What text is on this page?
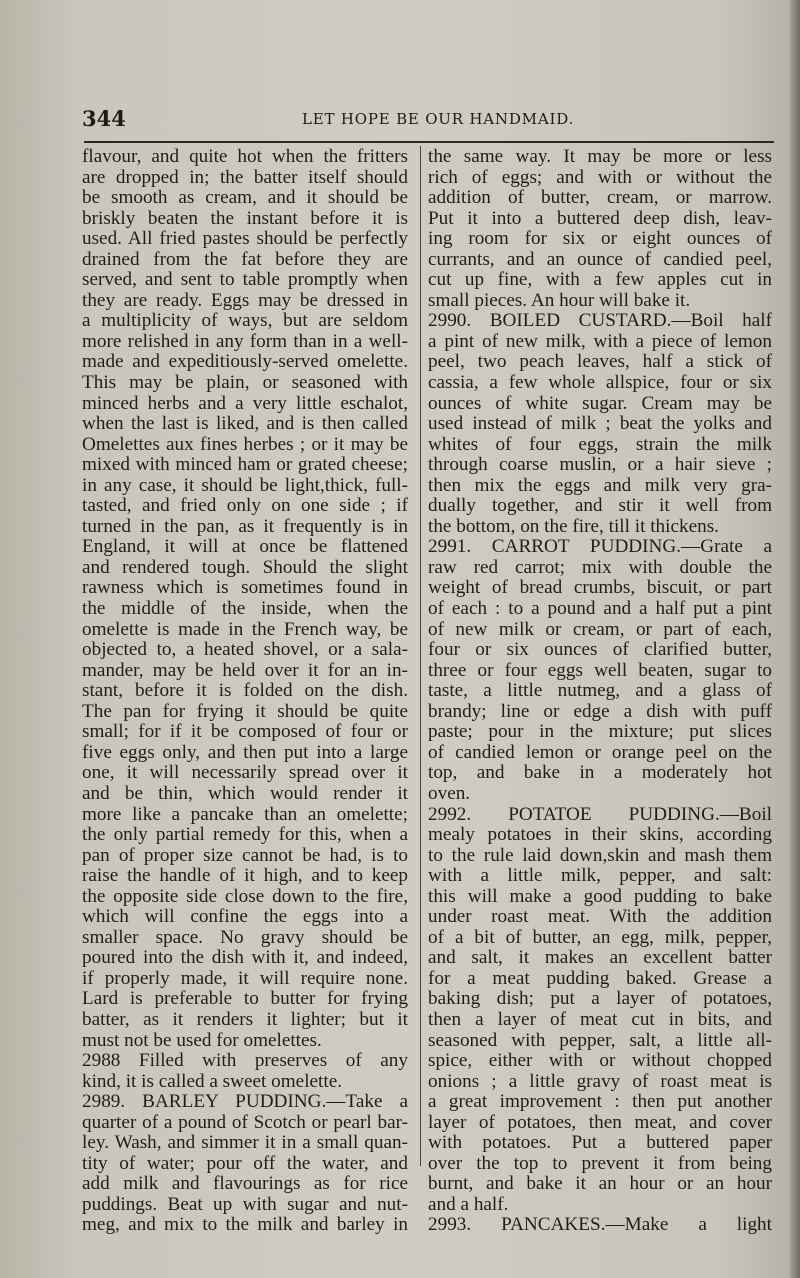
344	LET HOPE BE OUR HANDMAID.
flavour, and quite hot when the fritters
are dropped in; the batter itself should
be smooth as cream, and it should be
briskly beaten the instant before it is
used. All fried pastes should be perfectly
drained from the fat before they are
served, and sent to table promptly when
they are ready. Eggs may be dressed in
a multiplicity of ways, but are seldom
more relished in any form than in a well-
made and expeditiously-served omelette.
This may be plain, or seasoned with
minced herbs and a very little eschalot,
when the last is liked, and is then called
Omelettes aux fines herbes ; or it may be
mixed with minced ham or grated cheese;
in any case, it should be light,thick, full-
tasted, and fried only on one side ; if
turned in the pan, as it frequently is in
England, it will at once be flattened
and rendered tough. Should the slight
rawness which is sometimes found in
the middle of the inside, when the
omelette is made in the French way, be
objected to, a heated shovel, or a sala-
mander, may be held over it for an in-
stant, before it is folded on the dish.
The pan for frying it should be quite
small; for if it be composed of four or
five eggs only, and then put into a large
one, it will necessarily spread over it
and be thin, which would render it
more like a pancake than an omelette;
the only partial remedy for this, when a
pan of proper size cannot be had, is to
raise the handle of it high, and to keep
the opposite side close down to the fire,
which will confine the eggs into a
smaller space. No gravy should be
poured into the dish with it, and indeed,
if properly made, it will require none.
Lard is preferable to butter for frying
batter, as it renders it lighter; but it
must not be used for omelettes.
2988 Filled with preserves of any
kind, it is called a sweet omelette.
2989. BARLEY PUDDING.—Take a
quarter of a pound of Scotch or pearl bar-
ley. Wash, and simmer it in a small quan-
tity of water; pour off the water, and
add milk and flavourings as for rice
puddings. Beat up with sugar and nut-
meg, and mix to the milk and barley in
the same way. It may be more or less
rich of eggs; and with or without the
addition of butter, cream, or marrow.
Put it into a buttered deep dish, leav-
ing room for six or eight ounces of
currants, and an ounce of candied peel,
cut up fine, with a few apples cut in
small pieces. An hour will bake it.
2990. BOILED CUSTARD.—Boil half
a pint of new milk, with a piece of lemon
peel, two peach leaves, half a stick of
cassia, a few whole allspice, four or six
ounces of white sugar. Cream may be
used instead of milk ; beat the yolks and
whites of four eggs, strain the milk
through coarse muslin, or a hair sieve ;
then mix the eggs and milk very gra-
dually together, and stir it well from
the bottom, on the fire, till it thickens.
2991. CARROT PUDDING.—Grate a
raw red carrot; mix with double the
weight of bread crumbs, biscuit, or part
of each : to a pound and a half put a pint
of new milk or cream, or part of each,
four or six ounces of clarified butter,
three or four eggs well beaten, sugar to
taste, a little nutmeg, and a glass of
brandy; line or edge a dish with puff
paste; pour in the mixture; put slices
of candied lemon or orange peel on the
top, and bake in a moderately hot
oven.
2992. POTATOE PUDDING.—Boil
mealy potatoes in their skins, according
to the rule laid down,skin and mash them
with a little milk, pepper, and salt:
this will make a good pudding to bake
under roast meat. With the addition
of a bit of butter, an egg, milk, pepper,
and salt, it makes an excellent batter
for a meat pudding baked. Grease a
baking dish; put a layer of potatoes,
then a layer of meat cut in bits, and
seasoned with pepper, salt, a little all-
spice, either with or without chopped
onions ; a little gravy of roast meat is
a great improvement : then put another
layer of potatoes, then meat, and cover
with potatoes. Put a buttered paper
over the top to prevent it from being
burnt, and bake it an hour or an hour
and a half.
2993. PANCAKES.—Make a light
